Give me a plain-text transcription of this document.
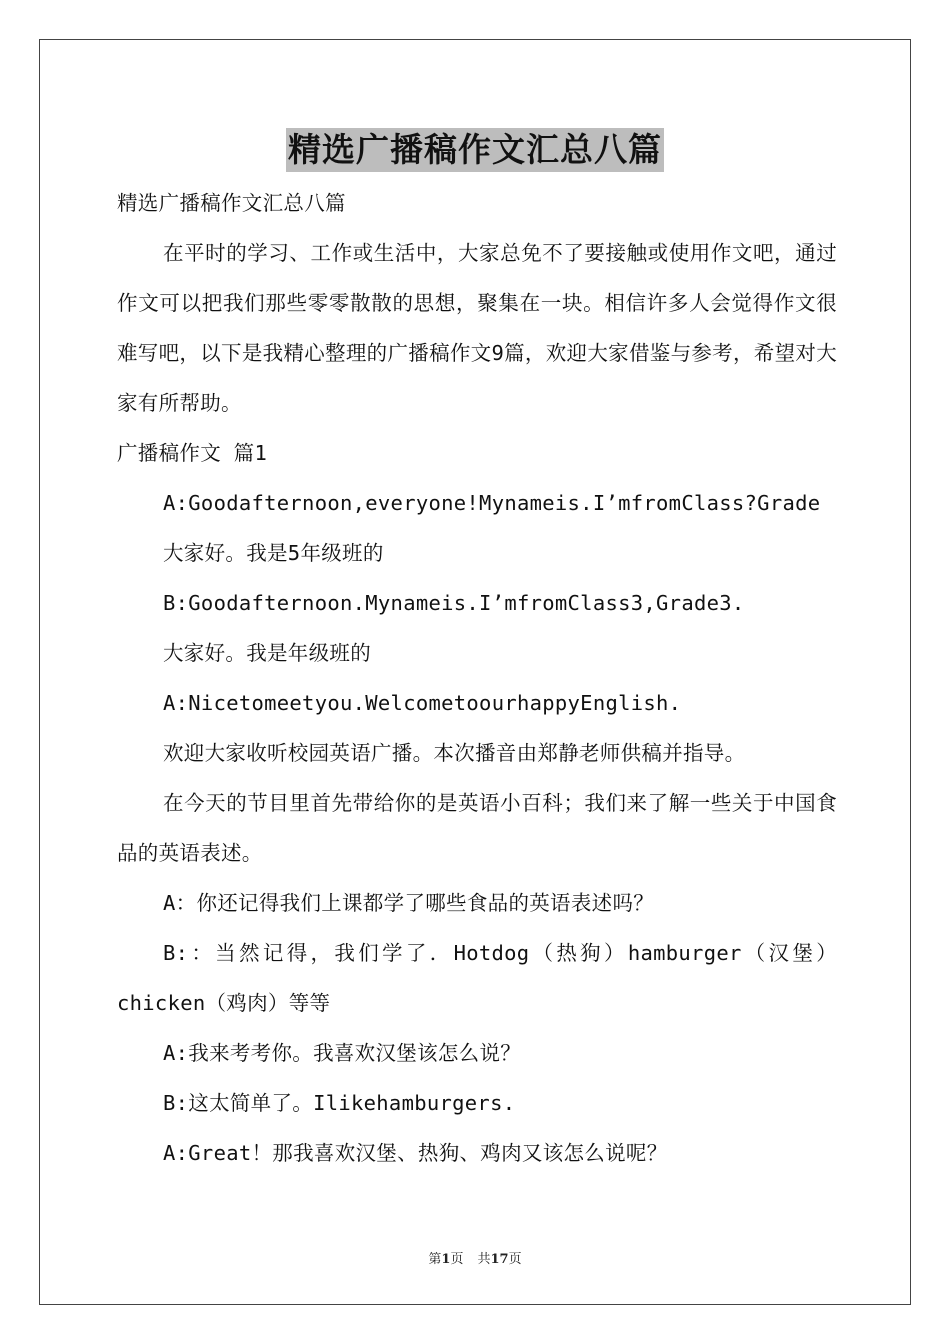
精选广播稿作文汇总八篇

精选广播稿作文汇总八篇

在平时的学习、工作或生活中，大家总免不了要接触或使用作文吧，通过作文可以把我们那些零零散散的思想，聚集在一块。相信许多人会觉得作文很难写吧，以下是我精心整理的广播稿作文9篇，欢迎大家借鉴与参考，希望对大家有所帮助。

广播稿作文 篇1

A:Goodafternoon,everyone!Mynameis.I’mfromClass?Grade

大家好。我是5年级班的

B:Goodafternoon.Mynameis.I’mfromClass3,Grade3.

大家好。我是年级班的

A:Nicetomeetyou.WelcometoourhappyEnglish.

欢迎大家收听校园英语广播。本次播音由郑静老师供稿并指导。

在今天的节目里首先带给你的是英语小百科；我们来了解一些关于中国食品的英语表述。

A：你还记得我们上课都学了哪些食品的英语表述吗？

B:：当然记得，我们学了．Hotdog（热狗）hamburger（汉堡）chicken（鸡肉）等等

A:我来考考你。我喜欢汉堡该怎么说？

B:这太简单了。Ilikehamburgers.

A:Great！那我喜欢汉堡、热狗、鸡肉又该怎么说呢？

第1页 共17页
